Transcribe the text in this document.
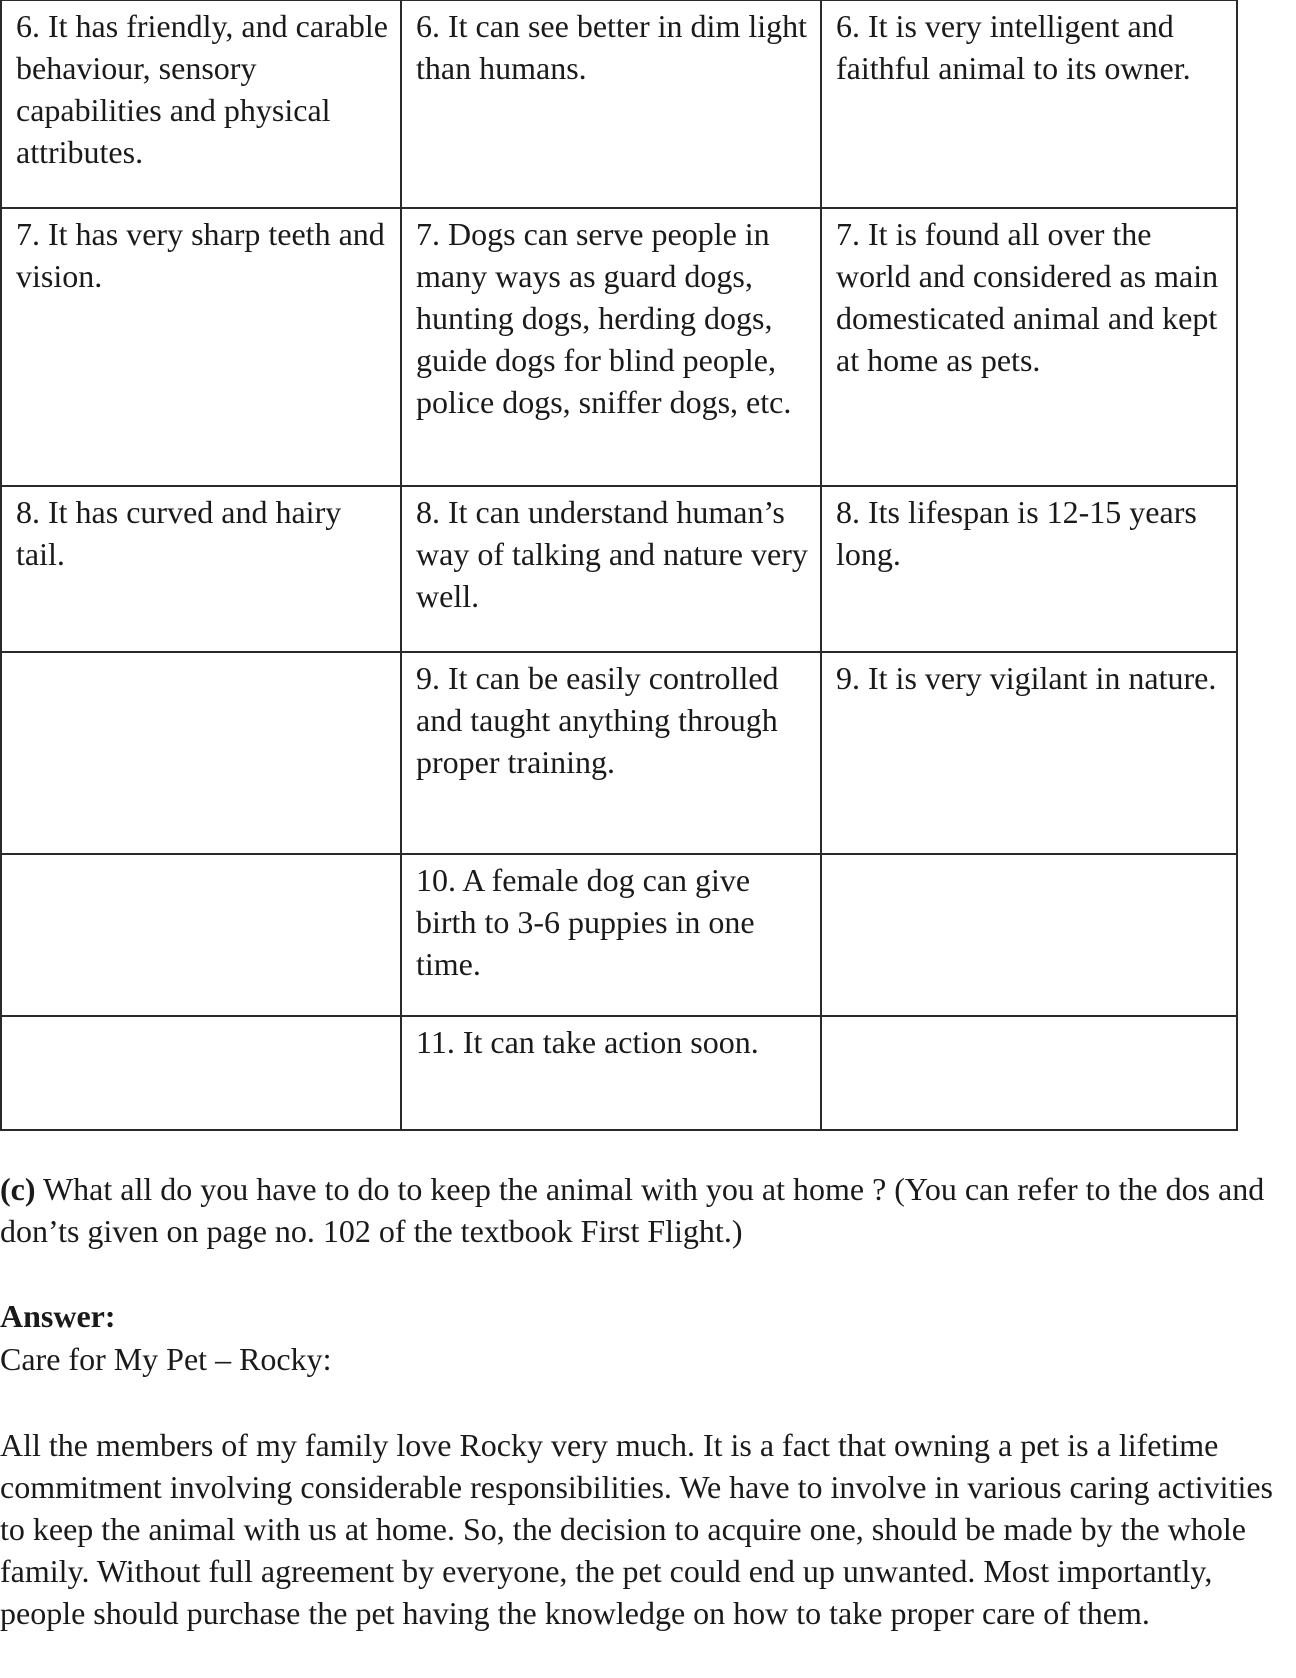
6. It has friendly, and carable behaviour, sensory capabilities and physical attributes.	6. It can see better in dim light than humans.	6. It is very intelligent and faithful animal to its owner.
7. It has very sharp teeth and vision.	7. Dogs can serve people in many ways as guard dogs, hunting dogs, herding dogs, guide dogs for blind people, police dogs, sniffer dogs, etc.	7. It is found all over the world and considered as main domesticated animal and kept at home as pets.
8. It has curved and hairy tail.	8. It can understand human’s way of talking and nature very well.	8. Its lifespan is 12-15 years long.
	9. It can be easily controlled and taught anything through proper training.	9. It is very vigilant in nature.
	10. A female dog can give birth to 3-6 puppies in one time.	
	11. It can take action soon.	

(c) What all do you have to do to keep the animal with you at home ? (You can refer to the dos and don’ts given on page no. 102 of the textbook First Flight.)

Answer:

Care for My Pet – Rocky:

All the members of my family love Rocky very much. It is a fact that owning a pet is a lifetime commitment involving considerable responsibilities. We have to involve in various caring activities to keep the animal with us at home. So, the decision to acquire one, should be made by the whole family. Without full agreement by everyone, the pet could end up unwanted. Most importantly, people should purchase the pet having the knowledge on how to take proper care of them.
